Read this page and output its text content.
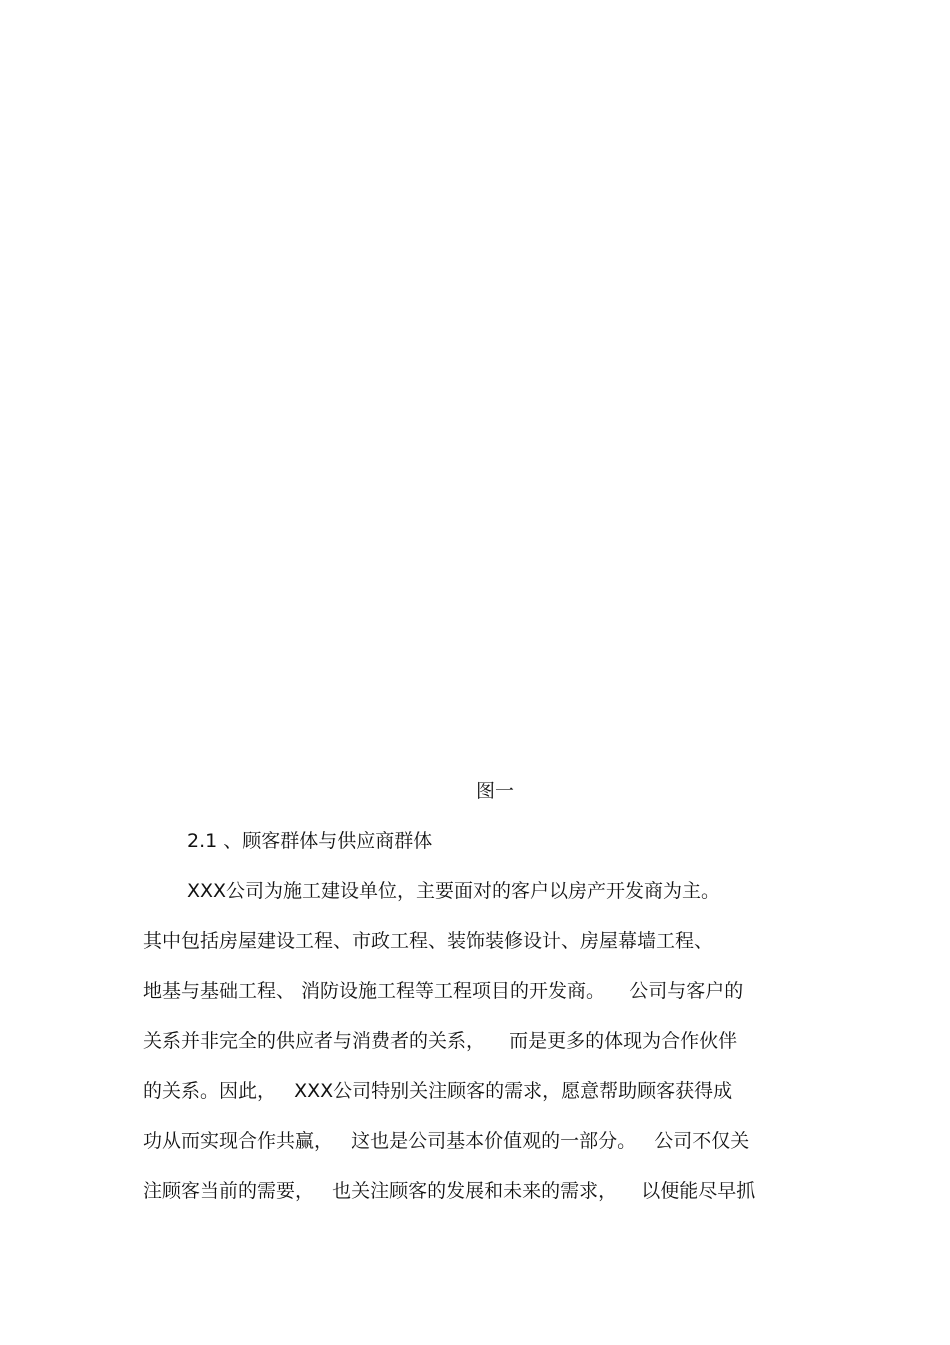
图一
2.1 、顾客群体与供应商群体
XXX公司为施工建设单位，主要面对的客户以房产开发商为主。
其中包括房屋建设工程、市政工程、装饰装修设计、房屋幕墙工程、
地基与基础工程、 消防设施工程等工程项目的开发商。    公司与客户的
关系并非完全的供应者与消费者的关系，    而是更多的体现为合作伙伴
的关系。因此，   XXX公司特别关注顾客的需求，愿意帮助顾客获得成
功从而实现合作共赢，   这也是公司基本价值观的一部分。   公司不仅关
注顾客当前的需要，   也关注顾客的发展和未来的需求，    以便能尽早抓
